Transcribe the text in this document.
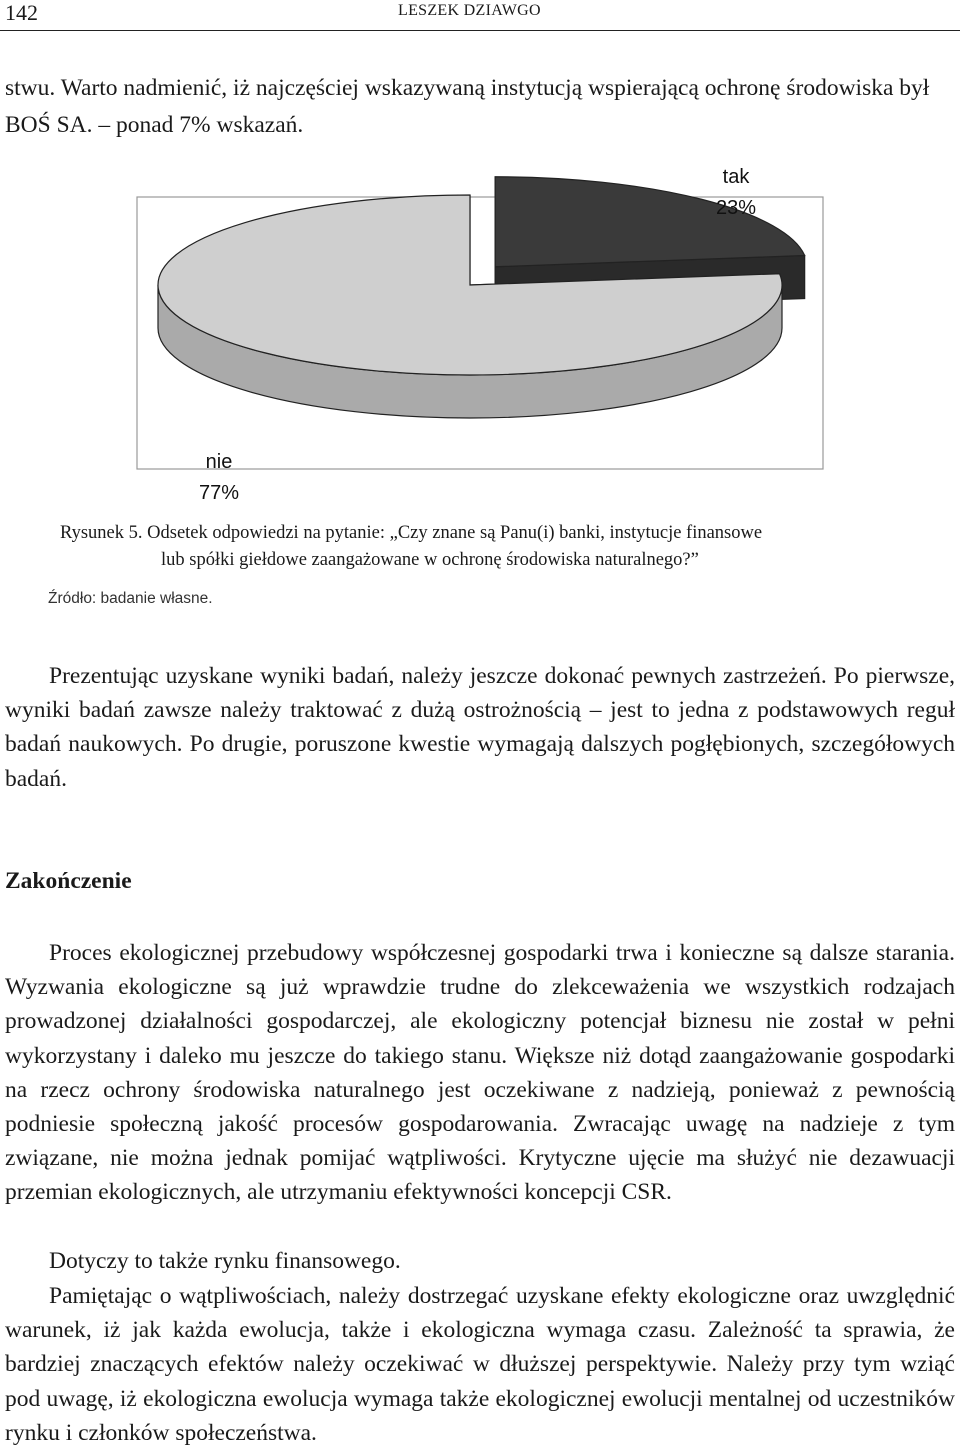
142	LESZEK DZIAWGO

stwu. Warto nadmienić, iż najczęściej wskazywaną instytucją wspierającą ochronę środowiska był BOŚ SA. – ponad 7% wskazań.

tak
23%
nie
77%
Rysunek 5. Odsetek odpowiedzi na pytanie: „Czy znane są Panu(i) banki, instytucje finansowe
lub spółki giełdowe zaangażowane w ochronę środowiska naturalnego?”
Źródło: badanie własne.

Prezentując uzyskane wyniki badań, należy jeszcze dokonać pewnych zastrzeżeń. Po pierwsze, wyniki badań zawsze należy traktować z dużą ostrożnością – jest to jedna z podstawowych reguł badań naukowych. Po drugie, poruszone kwestie wymagają dalszych pogłębionych, szczegółowych badań.

Zakończenie

Proces ekologicznej przebudowy współczesnej gospodarki trwa i konieczne są dalsze starania. Wyzwania ekologiczne są już wprawdzie trudne do zlekceważenia we wszystkich rodzajach prowadzonej działalności gospodarczej, ale ekologiczny potencjał biznesu nie został w pełni wykorzystany i daleko mu jeszcze do takiego stanu. Większe niż dotąd zaangażowanie gospodarki na rzecz ochrony środowiska naturalnego jest oczekiwane z nadzieją, ponieważ z pewnością podniesie społeczną jakość procesów gospodarowania. Zwracając uwagę na nadzieje z tym związane, nie można jednak pomijać wątpliwości. Krytyczne ujęcie ma służyć nie dezawuacji przemian ekologicznych, ale utrzymaniu efektywności koncepcji CSR.

Dotyczy to także rynku finansowego.

Pamiętając o wątpliwościach, należy dostrzegać uzyskane efekty ekologiczne oraz uwzględnić warunek, iż jak każda ewolucja, także i ekologiczna wymaga czasu. Zależność ta sprawia, że bardziej znaczących efektów należy oczekiwać w dłuższej perspektywie. Należy przy tym wziąć pod uwagę, iż ekologiczna ewolucja wymaga także ekologicznej ewolucji mentalnej od uczestników rynku i członków społeczeństwa.
